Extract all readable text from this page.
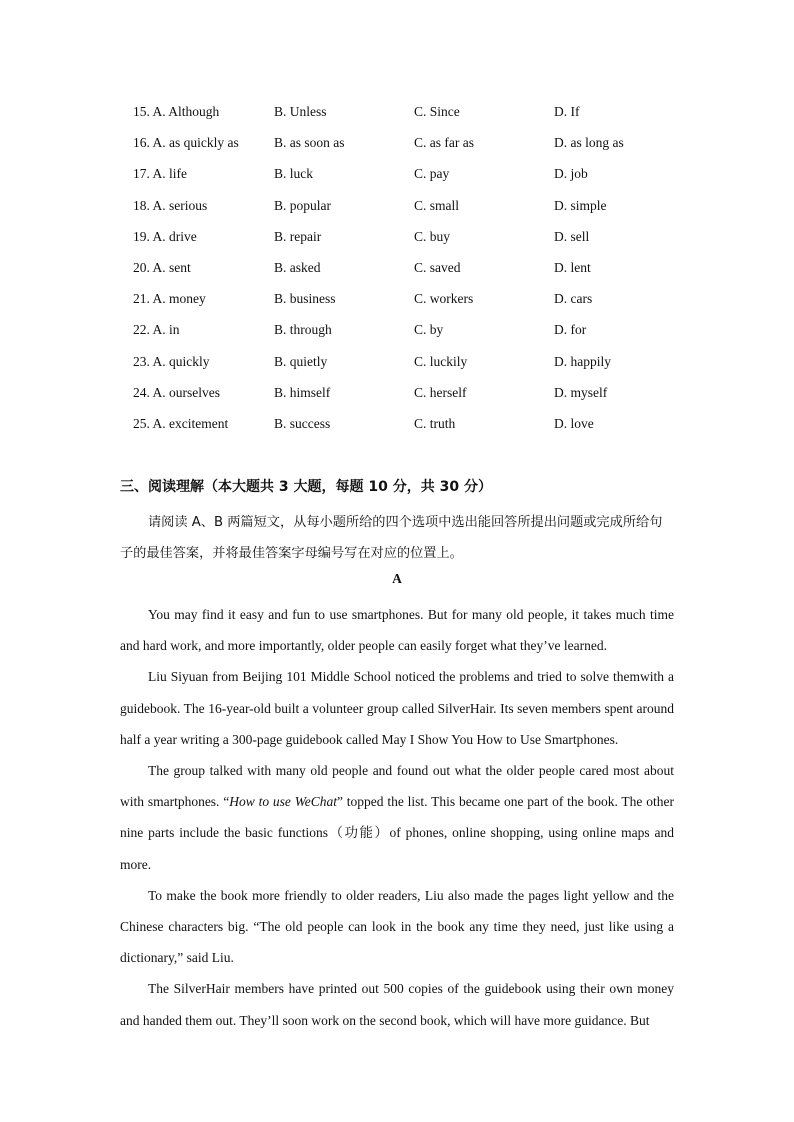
15. A. Although	B. Unless	C. Since	D. If
16. A. as quickly as	B. as soon as	C. as far as	D. as long as
17. A. life	B. luck	C. pay	D. job
18. A. serious	B. popular	C. small	D. simple
19. A. drive	B. repair	C. buy	D. sell
20. A. sent	B. asked	C. saved	D. lent
21. A. money	B. business	C. workers	D. cars
22. A. in	B. through	C. by	D. for
23. A. quickly	B. quietly	C. luckily	D. happily
24. A. ourselves	B. himself	C. herself	D. myself
25. A. excitement	B. success	C. truth	D. love
三、阅读理解（本大题共 3 大题，每题 10 分，共 30 分）
请阅读 A、B 两篇短文，从每小题所给的四个选项中选出能回答所提出问题或完成所给句子的最佳答案，并将最佳答案字母编号写在对应的位置上。
A

You may find it easy and fun to use smartphones. But for many old people, it takes much time and hard work, and more importantly, older people can easily forget what they’ve learned.

Liu Siyuan from Beijing 101 Middle School noticed the problems and tried to solve themwith a guidebook. The 16-year-old built a volunteer group called SilverHair. Its seven members spent around half a year writing a 300-page guidebook called May I Show You How to Use Smartphones.

The group talked with many old people and found out what the older people cared most about with smartphones. “How to use WeChat” topped the list. This became one part of the book. The other nine parts include the basic functions（功能）of phones, online shopping, using online maps and more.

To make the book more friendly to older readers, Liu also made the pages light yellow and the Chinese characters big. “The old people can look in the book any time they need, just like using a dictionary,” said Liu.

The SilverHair members have printed out 500 copies of the guidebook using their own money and handed them out. They’ll soon work on the second book, which will have more guidance. But
